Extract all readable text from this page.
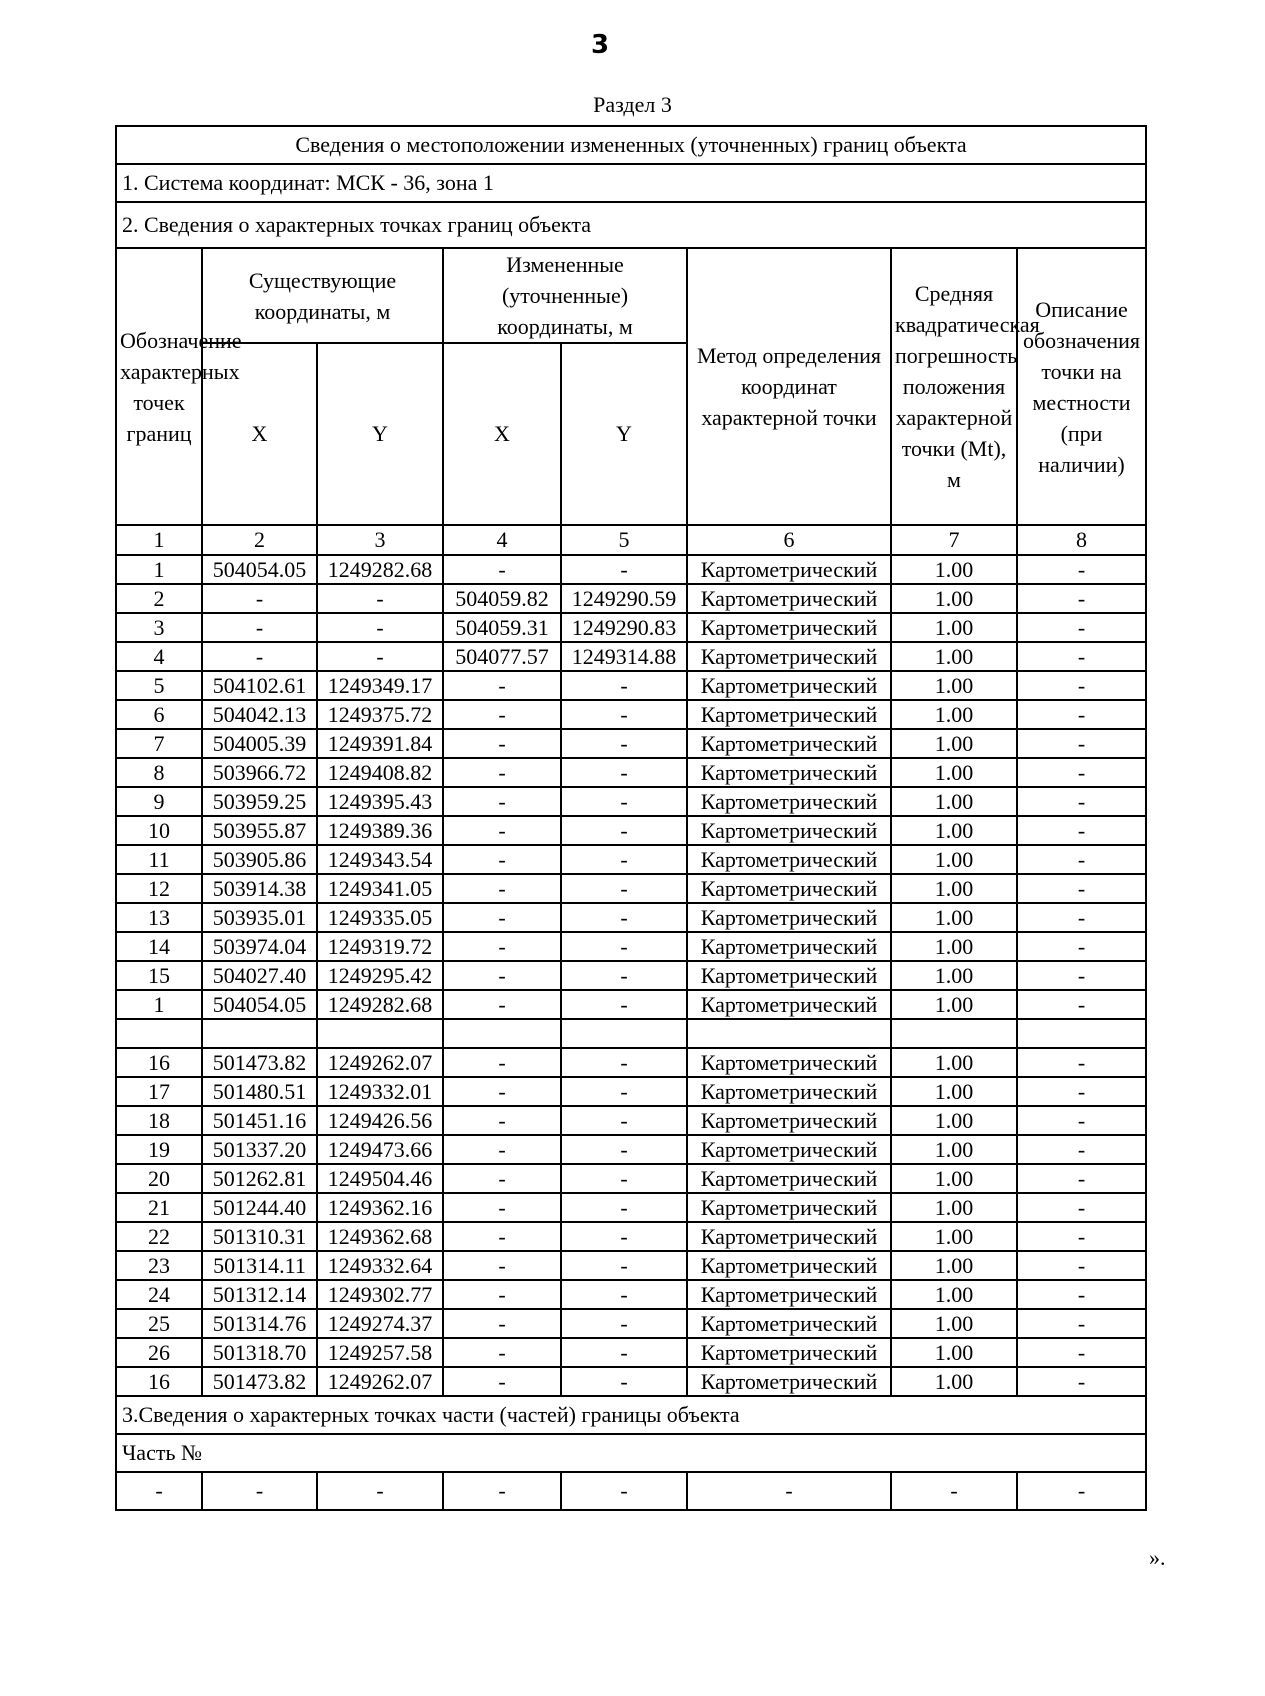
3
Раздел 3
Сведения о местоположении измененных (уточненных) границ объекта							
1. Система координат: МСК - 36, зона 1							
2. Сведения о характерных точках границ объекта							
Обозначение характерных точек границ	Существующие координаты, м		Измененные (уточненные) координаты, м		Метод определения координат характерной точки	Средняя квадратическая погрешность положения характерной точки (Mt), м	Описание обозначения точки на местности (при наличии)
	X	Y	X	Y			
1	2	3	4	5	6	7	8
1	504054.05	1249282.68	-	-	Картометрический	1.00	-
2	-	-	504059.82	1249290.59	Картометрический	1.00	-
3	-	-	504059.31	1249290.83	Картометрический	1.00	-
4	-	-	504077.57	1249314.88	Картометрический	1.00	-
5	504102.61	1249349.17	-	-	Картометрический	1.00	-
6	504042.13	1249375.72	-	-	Картометрический	1.00	-
7	504005.39	1249391.84	-	-	Картометрический	1.00	-
8	503966.72	1249408.82	-	-	Картометрический	1.00	-
9	503959.25	1249395.43	-	-	Картометрический	1.00	-
10	503955.87	1249389.36	-	-	Картометрический	1.00	-
11	503905.86	1249343.54	-	-	Картометрический	1.00	-
12	503914.38	1249341.05	-	-	Картометрический	1.00	-
13	503935.01	1249335.05	-	-	Картометрический	1.00	-
14	503974.04	1249319.72	-	-	Картометрический	1.00	-
15	504027.40	1249295.42	-	-	Картометрический	1.00	-
1	504054.05	1249282.68	-	-	Картометрический	1.00	-

16	501473.82	1249262.07	-	-	Картометрический	1.00	-
17	501480.51	1249332.01	-	-	Картометрический	1.00	-
18	501451.16	1249426.56	-	-	Картометрический	1.00	-
19	501337.20	1249473.66	-	-	Картометрический	1.00	-
20	501262.81	1249504.46	-	-	Картометрический	1.00	-
21	501244.40	1249362.16	-	-	Картометрический	1.00	-
22	501310.31	1249362.68	-	-	Картометрический	1.00	-
23	501314.11	1249332.64	-	-	Картометрический	1.00	-
24	501312.14	1249302.77	-	-	Картометрический	1.00	-
25	501314.76	1249274.37	-	-	Картометрический	1.00	-
26	501318.70	1249257.58	-	-	Картометрический	1.00	-
16	501473.82	1249262.07	-	-	Картометрический	1.00	-
3.Сведения о характерных точках части (частей) границы объекта							
Часть №							
-	-	-	-	-	-	-	-
».
